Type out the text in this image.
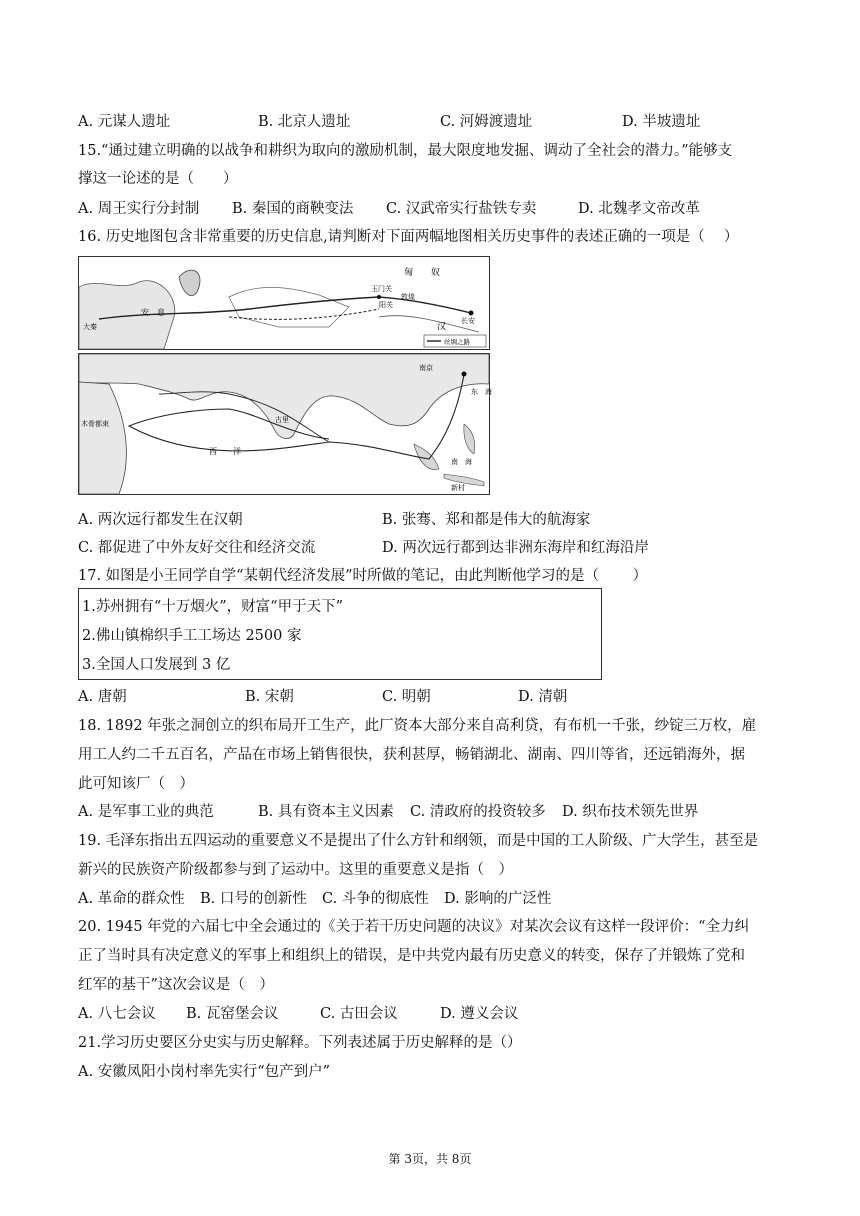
A. 元谋人遗址	B. 北京人遗址	C. 河姆渡遗址	D. 半坡遗址
15.“通过建立明确的以战争和耕织为取向的激励机制，最大限度地发掘、调动了全社会的潜力。”能够支
撑这一论述的是（　　）
A. 周王实行分封制 B. 秦国的商鞅变法 C. 汉武帝实行盐铁专卖	D. 北魏孝文帝改革
16. 历史地图包含非常重要的历史信息,请判断对下面两幅地图相关历史事件的表述正确的一项是（　 ）
匈　　奴
玉门关
敦煌
阳关
长安
汉
安　息
大秦
丝绸之路
南京
东　海
南　海
西　　洋
木骨都束	古里
新村
A. 两次远行都发生在汉朝	B. 张骞、郑和都是伟大的航海家
C. 都促进了中外友好交往和经济交流	D. 两次远行都到达非洲东海岸和红海沿岸
17. 如图是小王同学自学“某朝代经济发展”时所做的笔记，由此判断他学习的是（　　 ）
1.苏州拥有“十万烟火”，财富“甲于天下”
2.佛山镇棉织手工工场达 2500 家
3.全国人口发展到 3 亿
A. 唐朝	B. 宋朝	C. 明朝	D. 清朝
18. 1892 年张之洞创立的织布局开工生产，此厂资本大部分来自高利贷，有布机一千张，纱锭三万枚，雇
用工人约二千五百名，产品在市场上销售很快，获利甚厚，畅销湖北、湖南、四川等省，还远销海外，据
此可知该厂（　）
A. 是军事工业的典范	B. 具有资本主义因素 C. 清政府的投资较多 D. 织布技术领先世界
19. 毛泽东指出五四运动的重要意义不是提出了什么方针和纲领，而是中国的工人阶级、广大学生，甚至是
新兴的民族资产阶级都参与到了运动中。这里的重要意义是指（　）
A. 革命的群众性 B. 口号的创新性 C. 斗争的彻底性 D. 影响的广泛性
20. 1945 年党的六届七中全会通过的《关于若干历史问题的决议》对某次会议有这样一段评价：“全力纠
正了当时具有决定意义的军事上和组织上的错误，是中共党内最有历史意义的转变，保存了并锻炼了党和
红军的基干”这次会议是（　）
A. 八七会议 B. 瓦窑堡会议	C. 古田会议	D. 遵义会议
21.学习历史要区分史实与历史解释。下列表述属于历史解释的是（）
A. 安徽凤阳小岗村率先实行“包产到户”
第 3页，共 8页
